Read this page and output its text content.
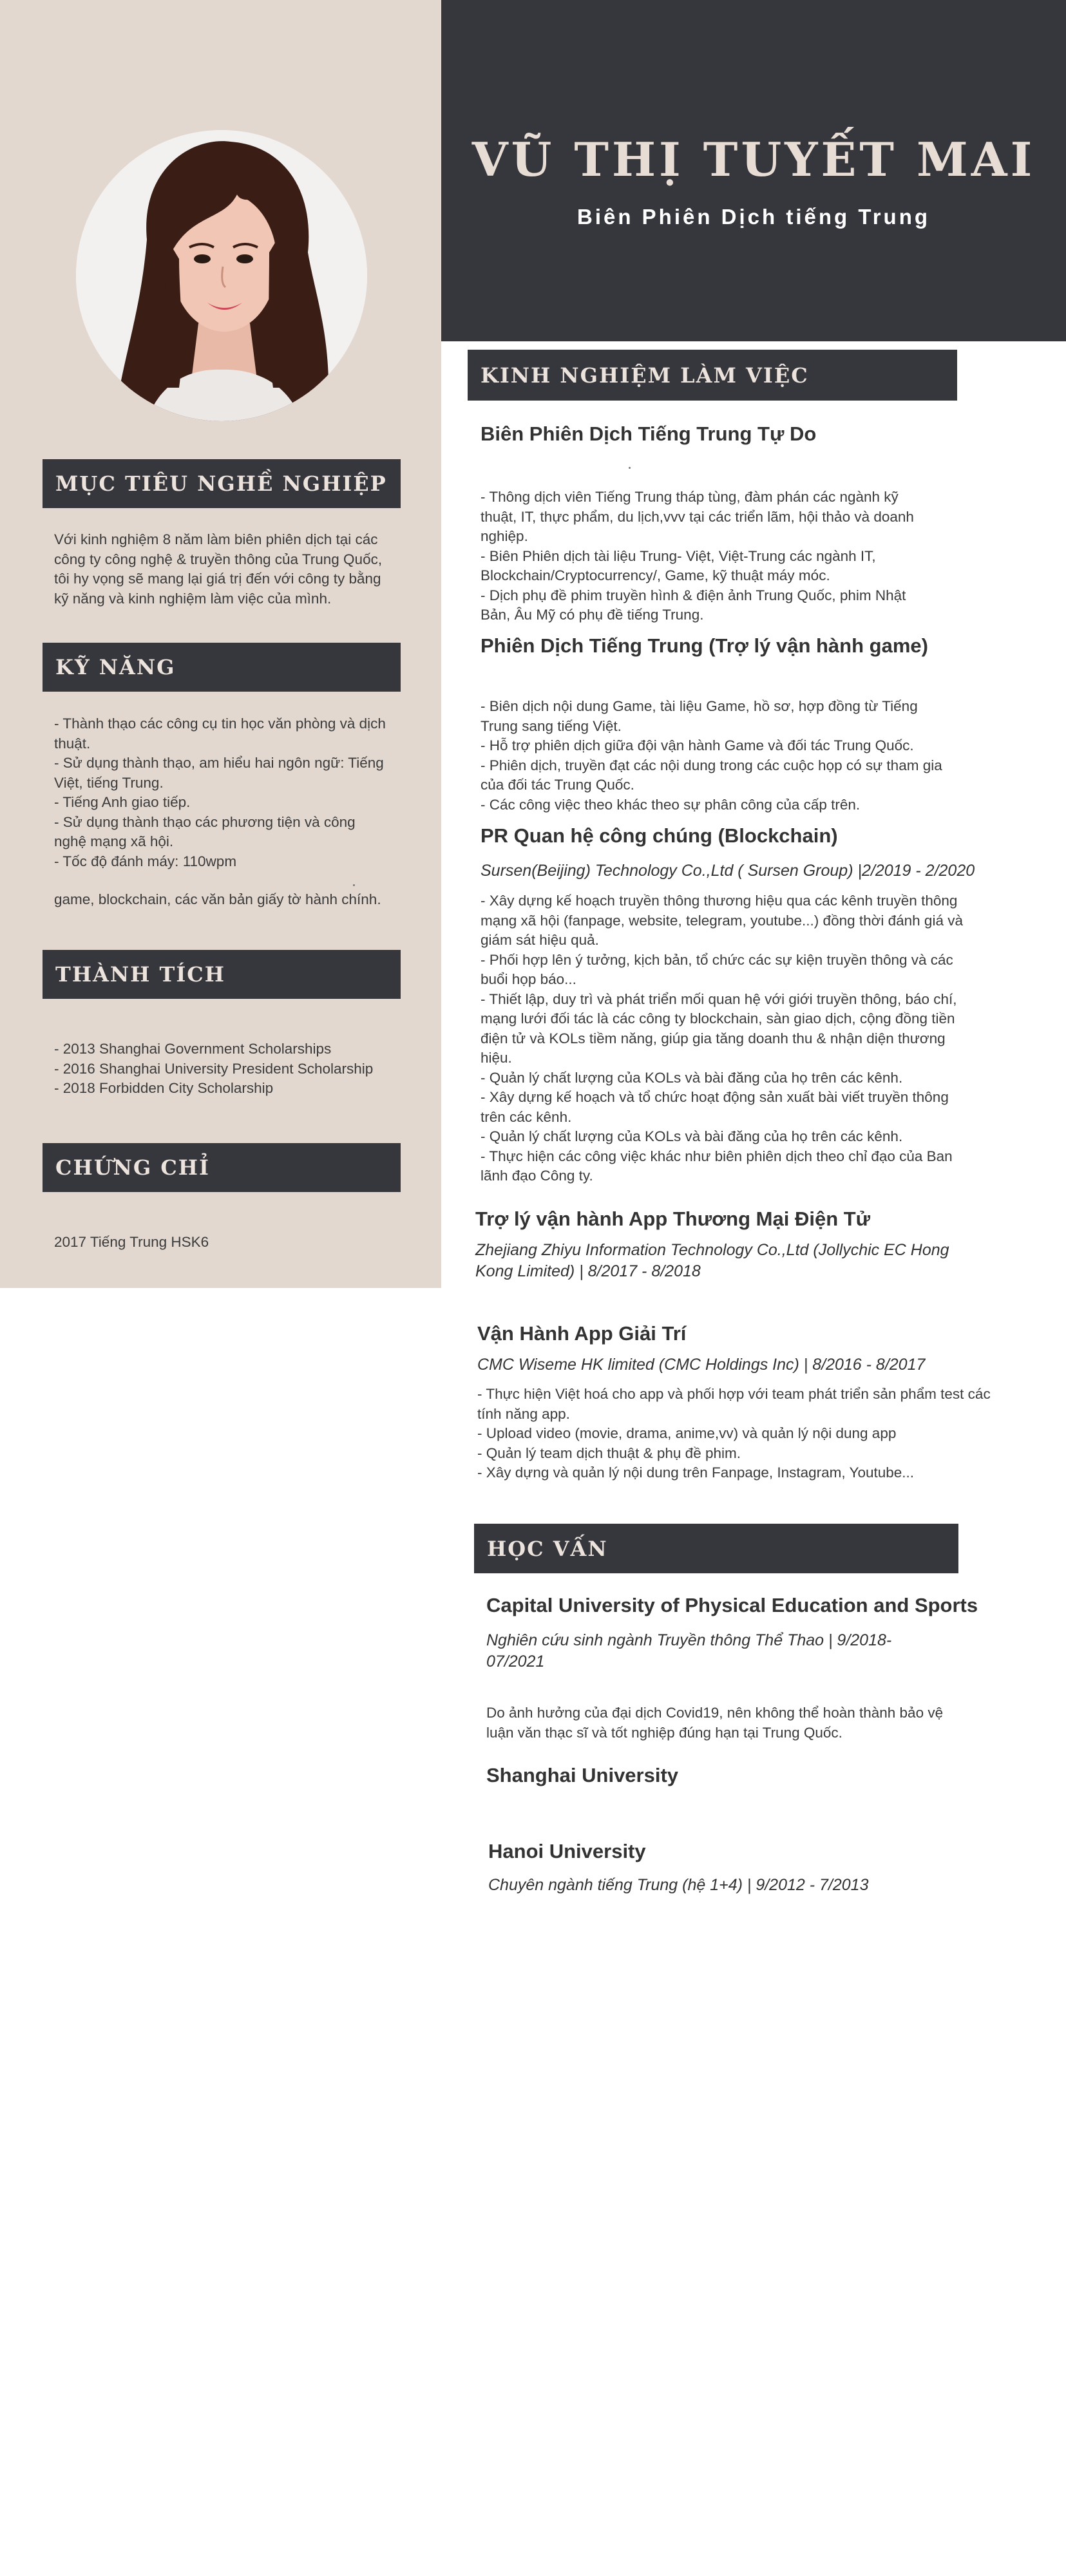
VŨ THỊ TUYẾT MAI
Biên Phiên Dịch tiếng Trung
MỤC TIÊU NGHỀ NGHIỆP
Với kinh nghiệm 8 năm làm biên phiên dịch tại các
công ty công nghệ & truyền thông của Trung Quốc,
tôi hy vọng sẽ mang lại giá trị đến với công ty bằng
kỹ năng và kinh nghiệm làm việc của mình.
KỸ NĂNG
- Thành thạo các công cụ tin học văn phòng và dịch
thuật.
- Sử dụng thành thạo, am hiểu hai ngôn ngữ: Tiếng
Việt, tiếng Trung.
- Tiếng Anh giao tiếp.
- Sử dụng thành thạo các phương tiện và công
nghệ mạng xã hội.
- Tốc độ đánh máy: 110wpm
game, blockchain, các văn bản giấy tờ hành chính.
THÀNH TÍCH
- 2013 Shanghai Government Scholarships
- 2016 Shanghai University President Scholarship
- 2018 Forbidden City Scholarship
CHỨNG CHỈ
2017 Tiếng Trung HSK6
KINH NGHIỆM LÀM VIỆC
Biên Phiên Dịch Tiếng Trung Tự Do
- Thông dịch viên Tiếng Trung tháp tùng, đàm phán các ngành kỹ
thuật, IT, thực phẩm, du lịch,vvv tại các triển lãm, hội thảo và doanh
nghiệp.
- Biên Phiên dịch tài liệu Trung- Việt, Việt-Trung các ngành IT,
Blockchain/Cryptocurrency/, Game, kỹ thuật máy móc.
- Dịch phụ đề phim truyền hình & điện ảnh Trung Quốc, phim Nhật
Bản, Âu Mỹ có phụ đề tiếng Trung.
Phiên Dịch Tiếng Trung (Trợ lý vận hành game)
- Biên dịch nội dung Game, tài liệu Game, hồ sơ, hợp đồng từ Tiếng
Trung sang tiếng Việt.
- Hỗ trợ phiên dịch giữa đội vận hành Game và đối tác Trung Quốc.
- Phiên dịch, truyền đạt các nội dung trong các cuộc họp có sự tham gia
của đối tác Trung Quốc.
- Các công việc theo khác theo sự phân công của cấp trên.
PR Quan hệ công chúng (Blockchain)
Sursen(Beijing) Technology Co.,Ltd ( Sursen Group) |2/2019 - 2/2020
- Xây dựng kế hoạch truyền thông thương hiệu qua các kênh truyền thông
mạng xã hội (fanpage, website, telegram, youtube...) đồng thời đánh giá và
giám sát hiệu quả.
- Phối hợp lên ý tưởng, kịch bản, tổ chức các sự kiện truyền thông và các
buổi họp báo...
- Thiết lập, duy trì và phát triển mối quan hệ với giới truyền thông, báo chí,
mạng lưới đối tác là các công ty blockchain, sàn giao dịch, cộng đồng tiền
điện tử và KOLs tiềm năng, giúp gia tăng doanh thu & nhận diện thương
hiệu.
- Quản lý chất lượng của KOLs và bài đăng của họ trên các kênh.
- Xây dựng kế hoạch và tổ chức hoạt động sản xuất bài viết truyền thông
trên các kênh.
- Quản lý chất lượng của KOLs và bài đăng của họ trên các kênh.
- Thực hiện các công việc khác như biên phiên dịch theo chỉ đạo của Ban
lãnh đạo Công ty.
Trợ lý vận hành App Thương Mại Điện Tử
Zhejiang Zhiyu Information Technology Co.,Ltd (Jollychic EC Hong
Kong Limited) | 8/2017 - 8/2018
Vận Hành App Giải Trí
CMC Wiseme HK limited (CMC Holdings Inc) | 8/2016 - 8/2017
- Thực hiện Việt hoá cho app và phối hợp với team phát triển sản phẩm test các
tính năng app.
- Upload video (movie, drama, anime,vv) và quản lý nội dung app
- Quản lý team dịch thuật & phụ đề phim.
- Xây dựng và quản lý nội dung trên Fanpage, Instagram, Youtube...
HỌC VẤN
Capital University of Physical Education and Sports
Nghiên cứu sinh ngành Truyền thông Thể Thao | 9/2018-
07/2021
Do ảnh hưởng của đại dịch Covid19, nên không thể hoàn thành bảo vệ
luận văn thạc sĩ và tốt nghiệp đúng hạn tại Trung Quốc.
Shanghai University
Hanoi University
Chuyên ngành tiếng Trung (hệ 1+4) | 9/2012 - 7/2013
